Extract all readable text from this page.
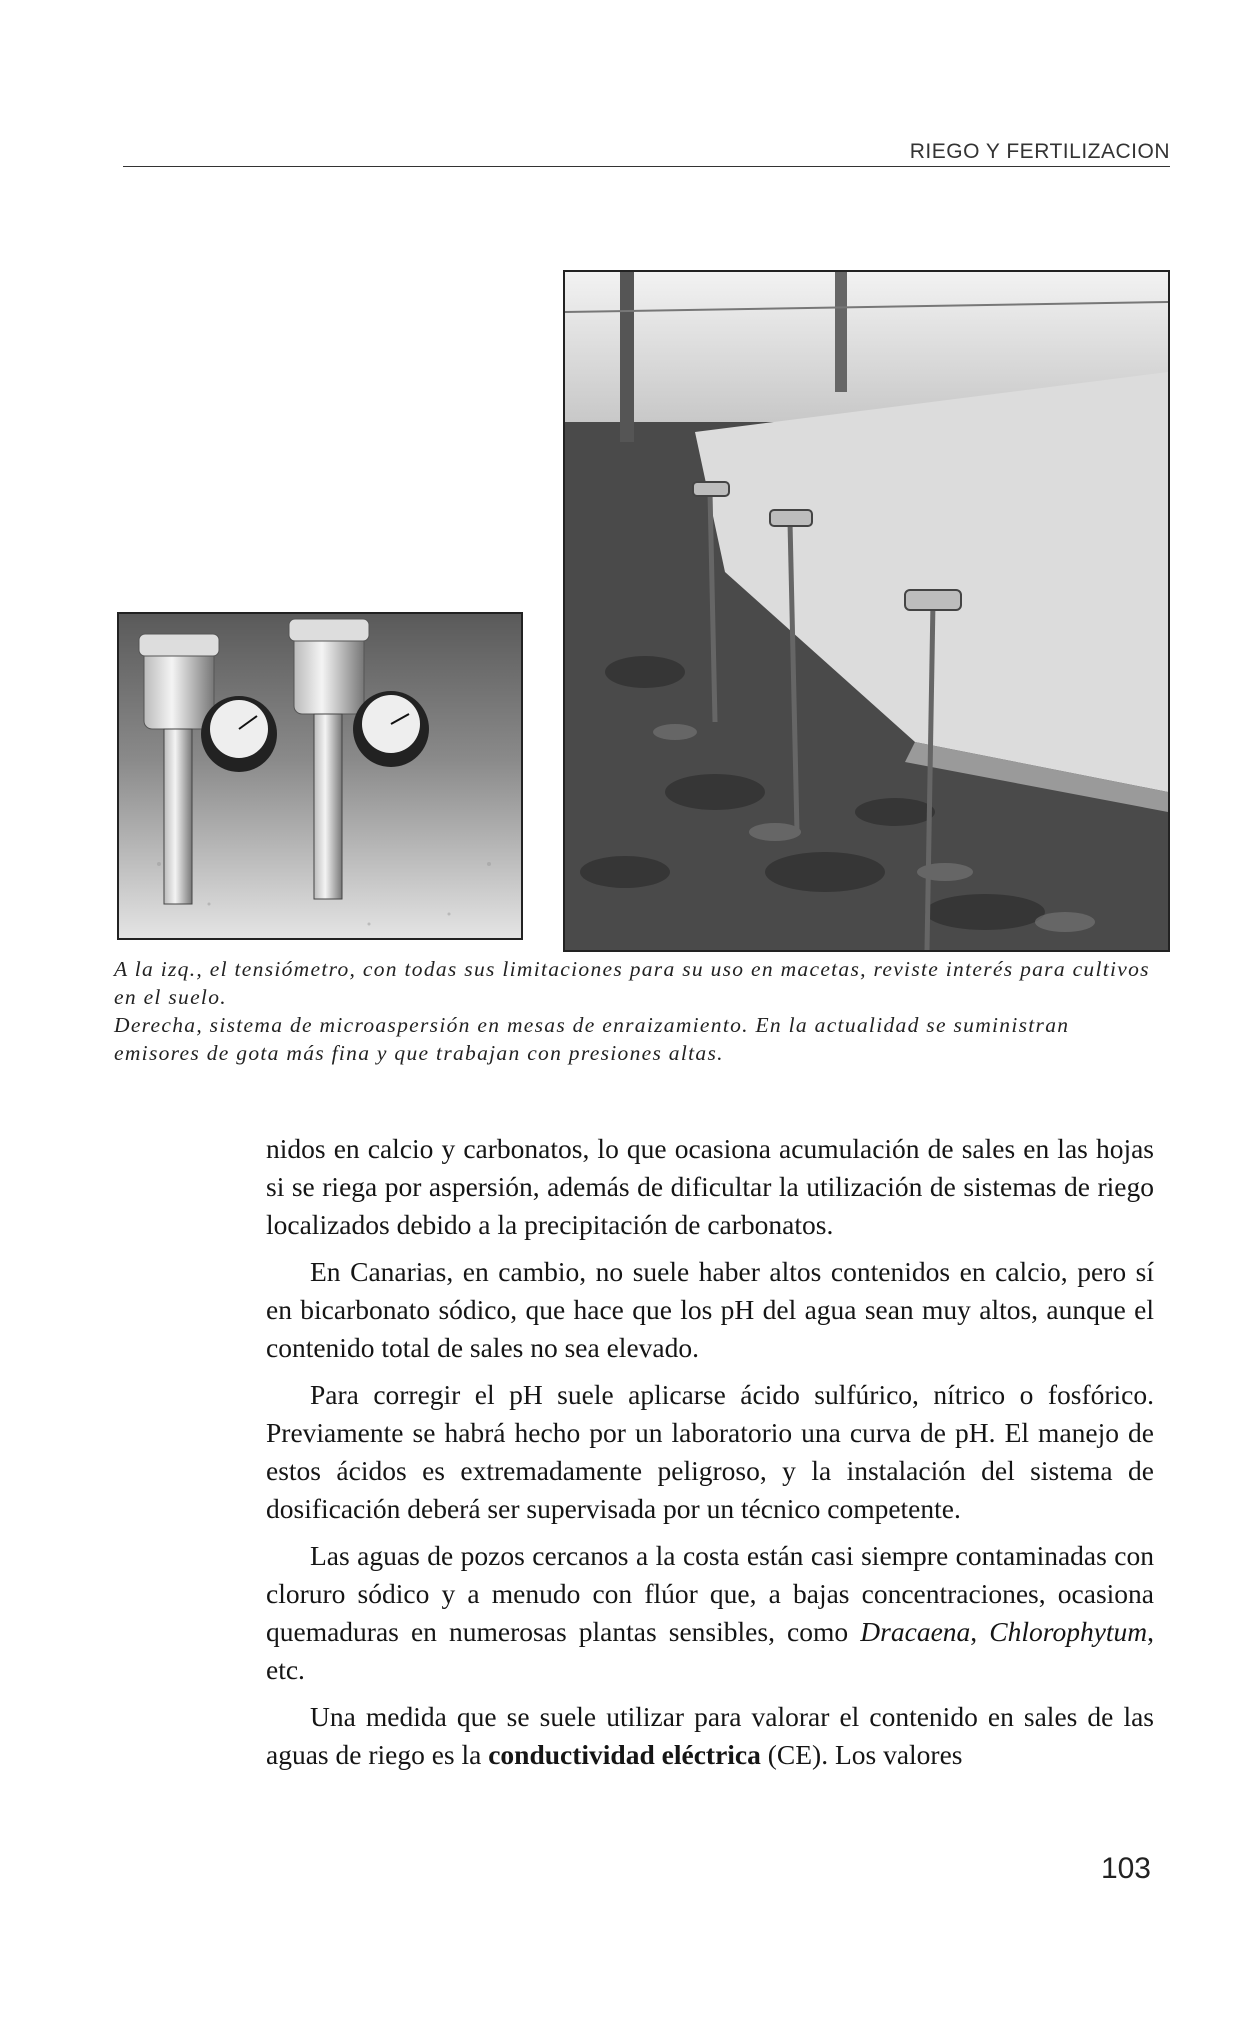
RIEGO Y FERTILIZACION

A la izq., el tensiómetro, con todas sus limitaciones para su uso en macetas, reviste interés para cultivos en el suelo.

Derecha, sistema de microaspersión en mesas de enraizamiento. En la actualidad se suministran emisores de gota más fina y que trabajan con presiones altas.

nidos en calcio y carbonatos, lo que ocasiona acumulación de sales en las hojas si se riega por aspersión, además de dificultar la utilización de sistemas de riego localizados debido a la precipitación de carbonatos.

En Canarias, en cambio, no suele haber altos contenidos en calcio, pero sí en bicarbonato sódico, que hace que los pH del agua sean muy altos, aunque el contenido total de sales no sea elevado.

Para corregir el pH suele aplicarse ácido sulfúrico, nítrico o fosfórico. Previamente se habrá hecho por un laboratorio una curva de pH. El manejo de estos ácidos es extremadamente peligroso, y la instalación del sistema de dosificación deberá ser supervisada por un técnico competente.

Las aguas de pozos cercanos a la costa están casi siempre contaminadas con cloruro sódico y a menudo con flúor que, a bajas concentraciones, ocasiona quemaduras en numerosas plantas sensibles, como Dracaena, Chlorophytum, etc.

Una medida que se suele utilizar para valorar el contenido en sales de las aguas de riego es la conductividad eléctrica (CE). Los valores

103
